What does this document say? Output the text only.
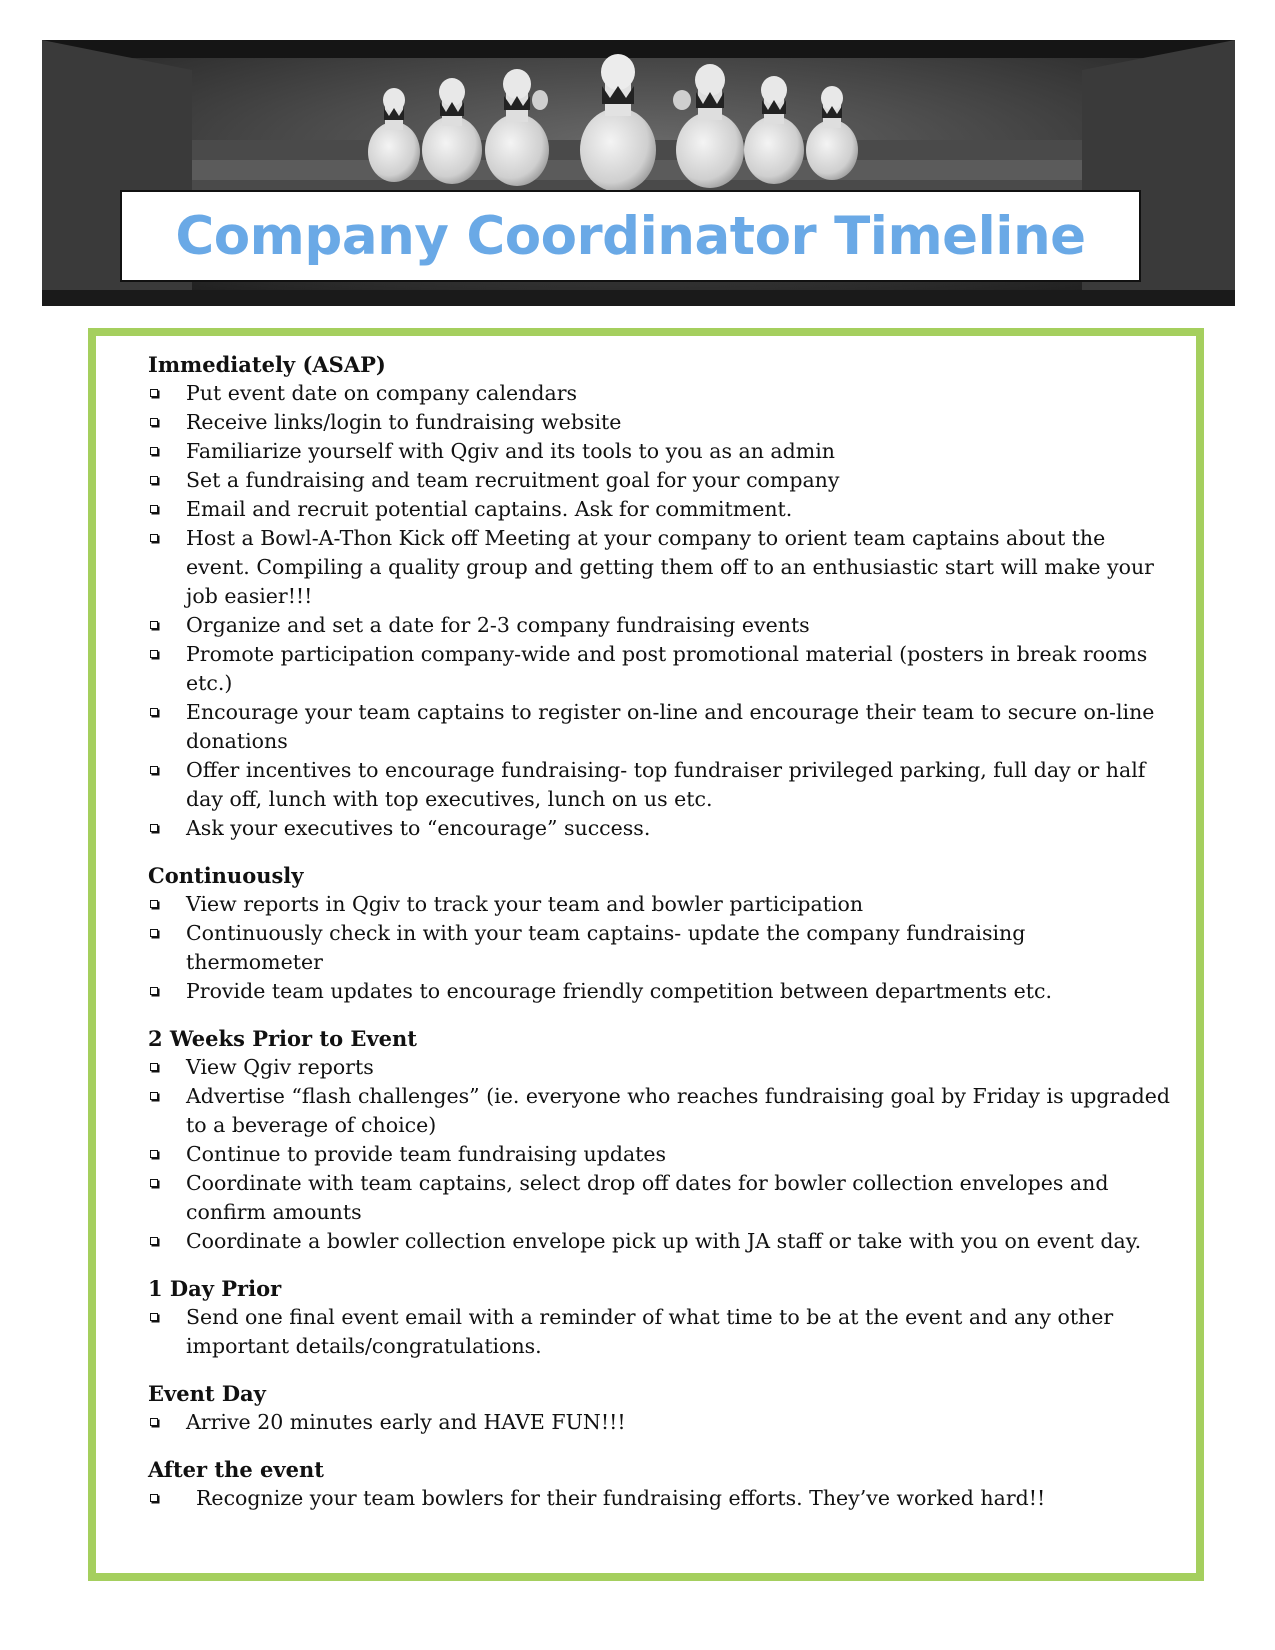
Company Coordinator Timeline
Immediately (ASAP)
Put event date on company calendars
Receive links/login to fundraising website
Familiarize yourself with Qgiv and its tools to you as an admin
Set a fundraising and team recruitment goal for your company
Email and recruit potential captains. Ask for commitment.
Host a Bowl-A-Thon Kick off Meeting at your company to orient team captains about the
event. Compiling a quality group and getting them off to an enthusiastic start will make your
job easier!!!
Organize and set a date for 2-3 company fundraising events
Promote participation company-wide and post promotional material (posters in break rooms
etc.)
Encourage your team captains to register on-line and encourage their team to secure on-line
donations
Offer incentives to encourage fundraising- top fundraiser privileged parking, full day or half
day off, lunch with top executives, lunch on us etc.
Ask your executives to “encourage” success.
Continuously
View reports in Qgiv to track your team and bowler participation
Continuously check in with your team captains- update the company fundraising
thermometer
Provide team updates to encourage friendly competition between departments etc.
2 Weeks Prior to Event
View Qgiv reports
Advertise “flash challenges” (ie. everyone who reaches fundraising goal by Friday is upgraded
to a beverage of choice)
Continue to provide team fundraising updates
Coordinate with team captains, select drop off dates for bowler collection envelopes and
confirm amounts
Coordinate a bowler collection envelope pick up with JA staff or take with you on event day.
1 Day Prior
Send one final event email with a reminder of what time to be at the event and any other
important details/congratulations.
Event Day
Arrive 20 minutes early and HAVE FUN!!!
After the event
Recognize your team bowlers for their fundraising efforts. They’ve worked hard!!
